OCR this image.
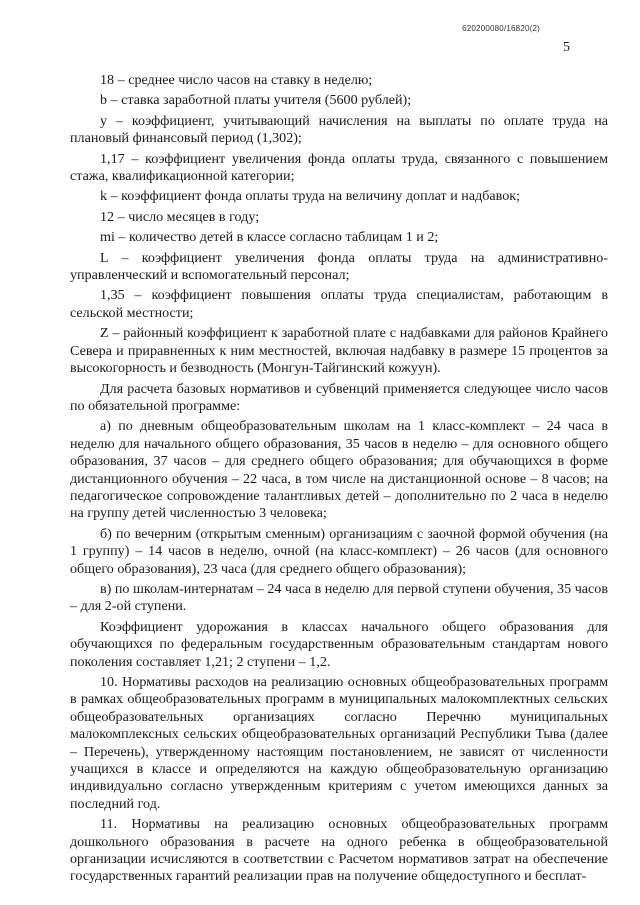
620200080/16820(2)
5

18 – среднее число часов на ставку в неделю;

b – ставка заработной платы учителя (5600 рублей);

у – коэффициент, учитывающий начисления на выплаты по оплате труда на плановый финансовый период (1,302);

1,17 – коэффициент увеличения фонда оплаты труда, связанного с повышением стажа, квалификационной категории;

k – коэффициент фонда оплаты труда на величину доплат и надбавок;

12 – число месяцев в году;

mi – количество детей в классе согласно таблицам 1 и 2;

L – коэффициент увеличения фонда оплаты труда на административно-управленческий и вспомогательный персонал;

1,35 – коэффициент повышения оплаты труда специалистам, работающим в сельской местности;

Z – районный коэффициент к заработной плате с надбавками для районов Крайнего Севера и приравненных к ним местностей, включая надбавку в размере 15 процентов за высокогорность и безводность (Монгун-Тайгинский кожуун).

Для расчета базовых нормативов и субвенций применяется следующее число часов по обязательной программе:

а) по дневным общеобразовательным школам на 1 класс-комплект – 24 часа в неделю для начального общего образования, 35 часов в неделю – для основного общего образования, 37 часов – для среднего общего образования; для обучающихся в форме дистанционного обучения – 22 часа, в том числе на дистанционной основе – 8 часов; на педагогическое сопровождение талантливых детей – дополнительно по 2 часа в неделю на группу детей численностью 3 человека;

б) по вечерним (открытым сменным) организациям с заочной формой обучения (на 1 группу) – 14 часов в неделю, очной (на класс-комплект) – 26 часов (для основного общего образования), 23 часа (для среднего общего образования);

в) по школам-интернатам – 24 часа в неделю для первой ступени обучения, 35 часов – для 2-ой ступени.

Коэффициент удорожания в классах начального общего образования для обучающихся по федеральным государственным образовательным стандартам нового поколения составляет 1,21; 2 ступени – 1,2.

10. Нормативы расходов на реализацию основных общеобразовательных программ в рамках общеобразовательных программ в муниципальных малокомплектных сельских общеобразовательных организациях согласно Перечню муниципальных малокомплексных сельских общеобразовательных организаций Республики Тыва (далее – Перечень), утвержденному настоящим постановлением, не зависят от численности учащихся в классе и определяются на каждую общеобразовательную организацию индивидуально согласно утвержденным критериям с учетом имеющихся данных за последний год.

11. Нормативы на реализацию основных общеобразовательных программ дошкольного образования в расчете на одного ребенка в общеобразовательной организации исчисляются в соответствии с Расчетом нормативов затрат на обеспечение государственных гарантий реализации прав на получение общедоступного и бесплат-
